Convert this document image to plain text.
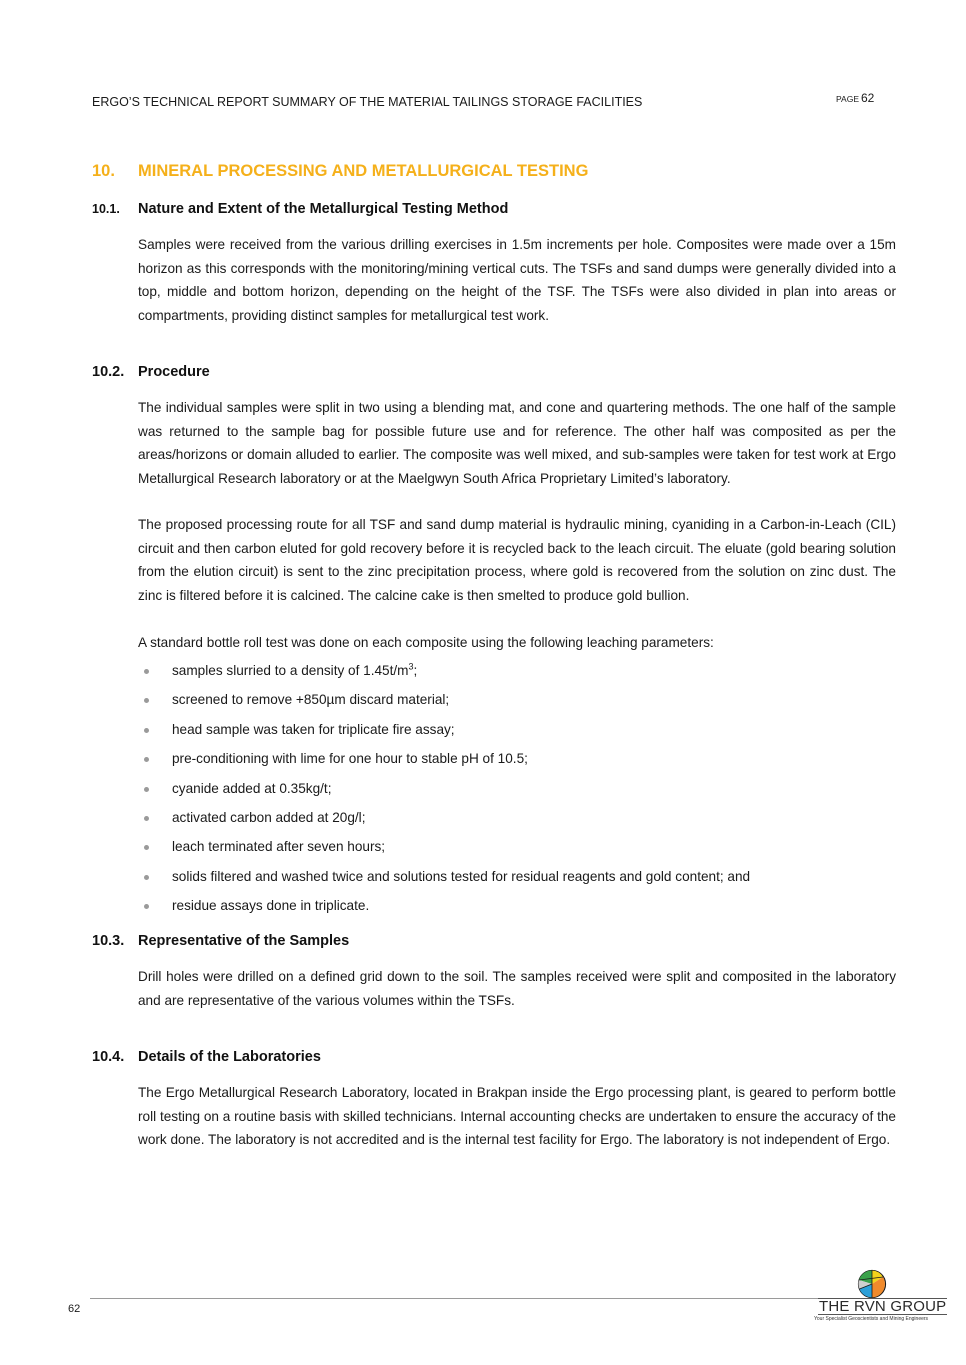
ERGO’S TECHNICAL REPORT SUMMARY OF THE MATERIAL TAILINGS STORAGE FACILITIES	PAGE 62
10. MINERAL PROCESSING AND METALLURGICAL TESTING
10.1. Nature and Extent of the Metallurgical Testing Method
Samples were received from the various drilling exercises in 1.5m increments per hole. Composites were made over a 15m horizon as this corresponds with the monitoring/mining vertical cuts. The TSFs and sand dumps were generally divided into a top, middle and bottom horizon, depending on the height of the TSF. The TSFs were also divided in plan into areas or compartments, providing distinct samples for metallurgical test work.
10.2. Procedure
The individual samples were split in two using a blending mat, and cone and quartering methods. The one half of the sample was returned to the sample bag for possible future use and for reference. The other half was composited as per the areas/horizons or domain alluded to earlier. The composite was well mixed, and sub-samples were taken for test work at Ergo Metallurgical Research laboratory or at the Maelgwyn South Africa Proprietary Limited’s laboratory.
The proposed processing route for all TSF and sand dump material is hydraulic mining, cyaniding in a Carbon-in-Leach (CIL) circuit and then carbon eluted for gold recovery before it is recycled back to the leach circuit. The eluate (gold bearing solution from the elution circuit) is sent to the zinc precipitation process, where gold is recovered from the solution on zinc dust. The zinc is filtered before it is calcined. The calcine cake is then smelted to produce gold bullion.
A standard bottle roll test was done on each composite using the following leaching parameters:
samples slurried to a density of $1.45t/m^3$;
screened to remove +850µm discard material;
head sample was taken for triplicate fire assay;
pre-conditioning with lime for one hour to stable pH of 10.5;
cyanide added at 0.35kg/t;
activated carbon added at 20g/l;
leach terminated after seven hours;
solids filtered and washed twice and solutions tested for residual reagents and gold content; and
residue assays done in triplicate.
10.3. Representative of the Samples
Drill holes were drilled on a defined grid down to the soil. The samples received were split and composited in the laboratory and are representative of the various volumes within the TSFs.
10.4. Details of the Laboratories
The Ergo Metallurgical Research Laboratory, located in Brakpan inside the Ergo processing plant, is geared to perform bottle roll testing on a routine basis with skilled technicians. Internal accounting checks are undertaken to ensure the accuracy of the work done. The laboratory is not accredited and is the internal test facility for Ergo. The laboratory is not independent of Ergo.
62	THE RVN GROUP
Your Specialist Geoscientists and Mining Engineers
